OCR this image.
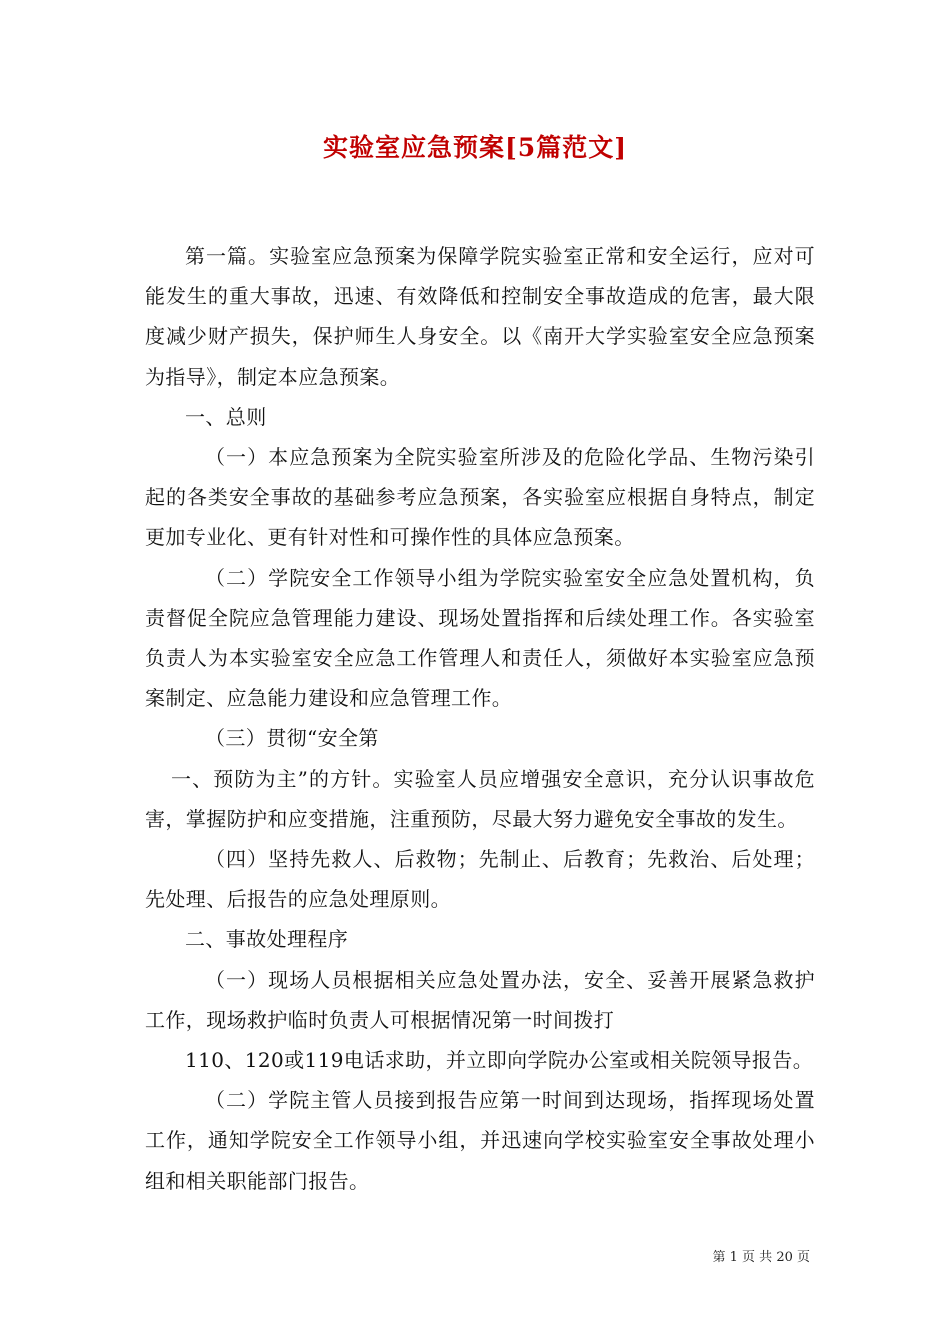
实验室应急预案[5篇范文]

第一篇。实验室应急预案为保障学院实验室正常和安全运行，应对可能发生的重大事故，迅速、有效降低和控制安全事故造成的危害，最大限度减少财产损失，保护师生人身安全。以《南开大学实验室安全应急预案为指导》，制定本应急预案。

一、总则

（一）本应急预案为全院实验室所涉及的危险化学品、生物污染引起的各类安全事故的基础参考应急预案，各实验室应根据自身特点，制定更加专业化、更有针对性和可操作性的具体应急预案。

（二）学院安全工作领导小组为学院实验室安全应急处置机构，负责督促全院应急管理能力建设、现场处置指挥和后续处理工作。各实验室负责人为本实验室安全应急工作管理人和责任人，须做好本实验室应急预案制定、应急能力建设和应急管理工作。

（三）贯彻“安全第

一、预防为主”的方针。实验室人员应增强安全意识，充分认识事故危害，掌握防护和应变措施，注重预防，尽最大努力避免安全事故的发生。

（四）坚持先救人、后救物；先制止、后教育；先救治、后处理；先处理、后报告的应急处理原则。

二、事故处理程序

（一）现场人员根据相关应急处置办法，安全、妥善开展紧急救护工作，现场救护临时负责人可根据情况第一时间拨打

110、120或119电话求助，并立即向学院办公室或相关院领导报告。

（二）学院主管人员接到报告应第一时间到达现场，指挥现场处置工作，通知学院安全工作领导小组，并迅速向学校实验室安全事故处理小组和相关职能部门报告。

第 1 页 共 20 页
